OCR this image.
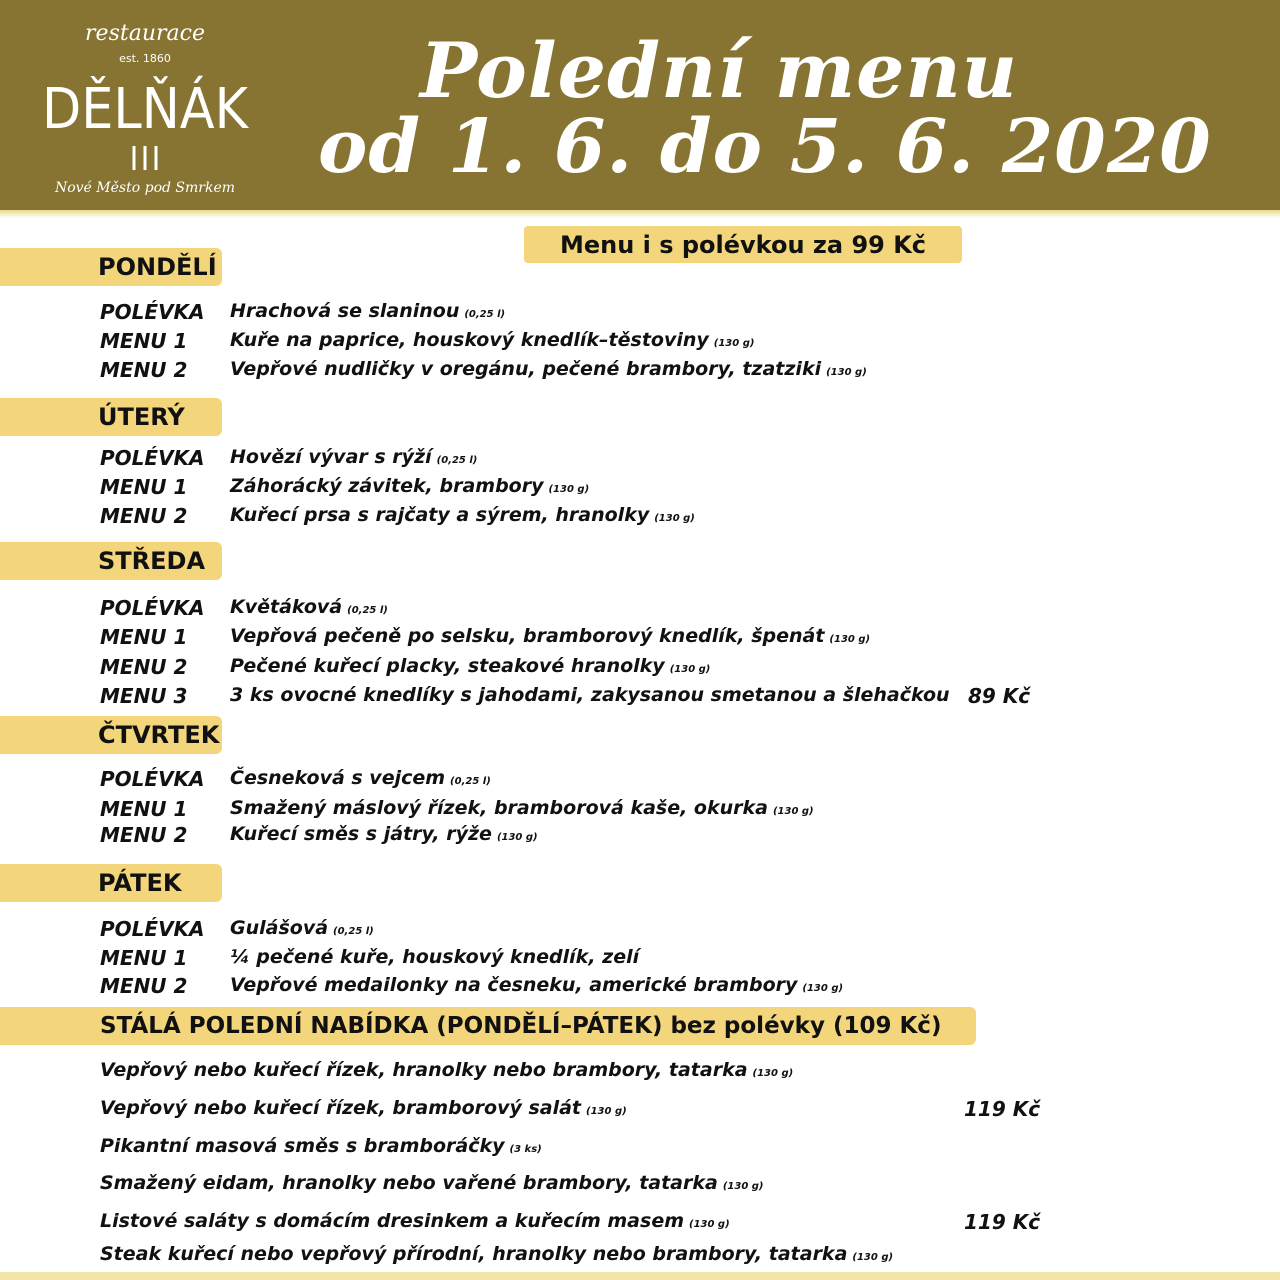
restaurace
est. 1860
DĚLŇÁK
Nové Město pod Smrkem
Polední menu
od 1. 6. do 5. 6. 2020
Menu i s polévkou za 99 Kč
PONDĚLÍ
POLÉVKA Hrachová se slaninou (0,25 l)
MENU 1 Kuře na paprice, houskový knedlík–těstoviny (130 g)
MENU 2 Vepřové nudličky v oregánu, pečené brambory, tzatziki (130 g)
ÚTERÝ
POLÉVKA Hovězí vývar s rýží (0,25 l)
MENU 1 Záhorácký závitek, brambory (130 g)
MENU 2 Kuřecí prsa s rajčaty a sýrem, hranolky (130 g)
STŘEDA
POLÉVKA Květáková (0,25 l)
MENU 1 Vepřová pečeně po selsku, bramborový knedlík, špenát (130 g)
MENU 2 Pečené kuřecí placky, steakové hranolky (130 g)
MENU 3 3 ks ovocné knedlíky s jahodami, zakysanou smetanou a šlehačkou 89 Kč
ČTVRTEK
POLÉVKA Česneková s vejcem (0,25 l)
MENU 1 Smažený máslový řízek, bramborová kaše, okurka (130 g)
MENU 2 Kuřecí směs s játry, rýže (130 g)
PÁTEK
POLÉVKA Gulášová (0,25 l)
MENU 1 ¼ pečené kuře, houskový knedlík, zelí
MENU 2 Vepřové medailonky na česneku, americké brambory (130 g)
STÁLÁ POLEDNÍ NABÍDKA (PONDĚLÍ–PÁTEK) bez polévky (109 Kč)
Vepřový nebo kuřecí řízek, hranolky nebo brambory, tatarka (130 g)
Vepřový nebo kuřecí řízek, bramborový salát (130 g)	119 Kč
Pikantní masová směs s bramboráčky (3 ks)
Smažený eidam, hranolky nebo vařené brambory, tatarka (130 g)
Listové saláty s domácím dresinkem a kuřecím masem (130 g)	119 Kč
Steak kuřecí nebo vepřový přírodní, hranolky nebo brambory, tatarka (130 g)
